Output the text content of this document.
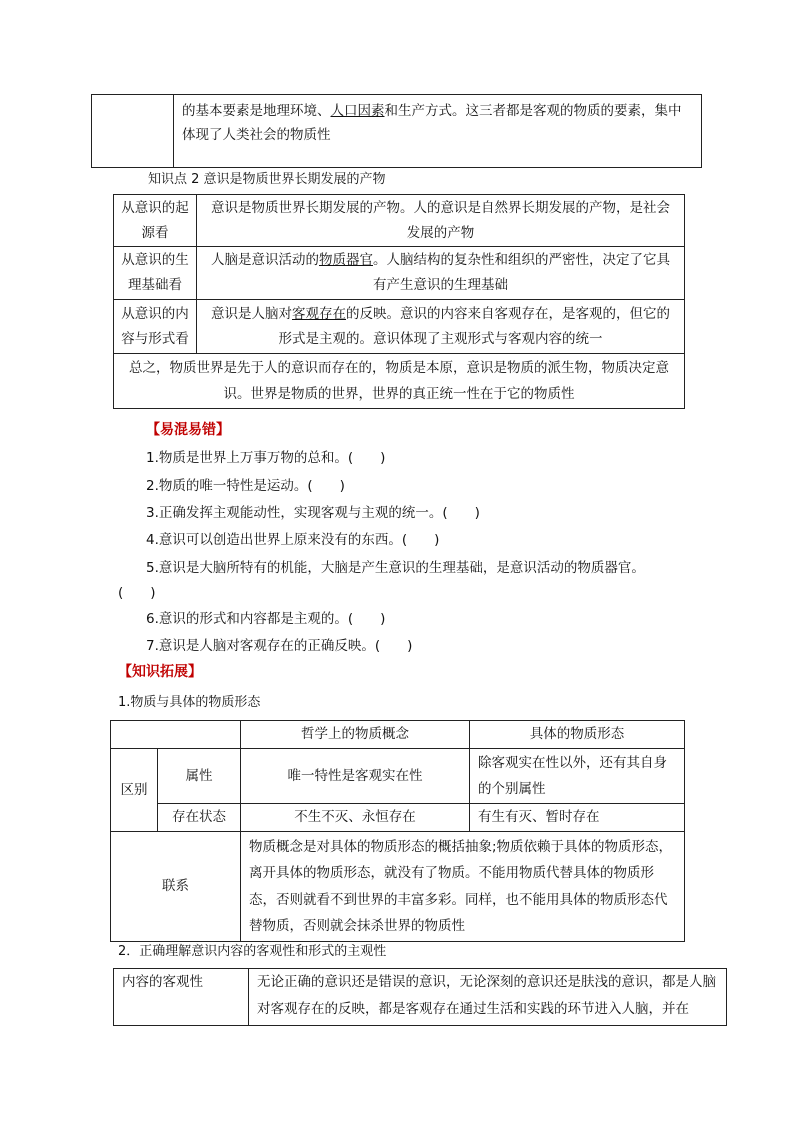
	的基本要素是地理环境、人口因素和生产方式。这三者都是客观的物质的要素，集中体现了人类社会的物质性
知识点 2 意识是物质世界长期发展的产物
从意识的起源看	意识是物质世界长期发展的产物。人的意识是自然界长期发展的产物，是社会发展的产物
从意识的生理基础看	人脑是意识活动的物质器官。人脑结构的复杂性和组织的严密性，决定了它具有产生意识的生理基础
从意识的内容与形式看	意识是人脑对客观存在的反映。意识的内容来自客观存在，是客观的，但它的形式是主观的。意识体现了主观形式与客观内容的统一
总之，物质世界是先于人的意识而存在的，物质是本原，意识是物质的派生物，物质决定意识。世界是物质的世界，世界的真正统一性在于它的物质性	
【易混易错】
1.物质是世界上万事万物的总和。(　　)
2.物质的唯一特性是运动。(　　)
3.正确发挥主观能动性，实现客观与主观的统一。(　　)
4.意识可以创造出世界上原来没有的东西。(　　)
5.意识是大脑所特有的机能，大脑是产生意识的生理基础，是意识活动的物质器官。
(　　)
6.意识的形式和内容都是主观的。(　　)
7.意识是人脑对客观存在的正确反映。(　　)
【知识拓展】
1.物质与具体的物质形态
		哲学上的物质概念	具体的物质形态
区别	属性	唯一特性是客观实在性	除客观实在性以外，还有其自身的个别属性
	存在状态	不生不灭、永恒存在	有生有灭、暂时存在
联系		物质概念是对具体的物质形态的概括抽象;物质依赖于具体的物质形态，离开具体的物质形态，就没有了物质。不能用物质代替具体的物质形态，否则就看不到世界的丰富多彩。同样，也不能用具体的物质形态代替物质，否则就会抹杀世界的物质性	
2．正确理解意识内容的客观性和形式的主观性
内容的客观性	无论正确的意识还是错误的意识，无论深刻的意识还是肤浅的意识，都是人脑对客观存在的反映，都是客观存在通过生活和实践的环节进入人脑，并在
